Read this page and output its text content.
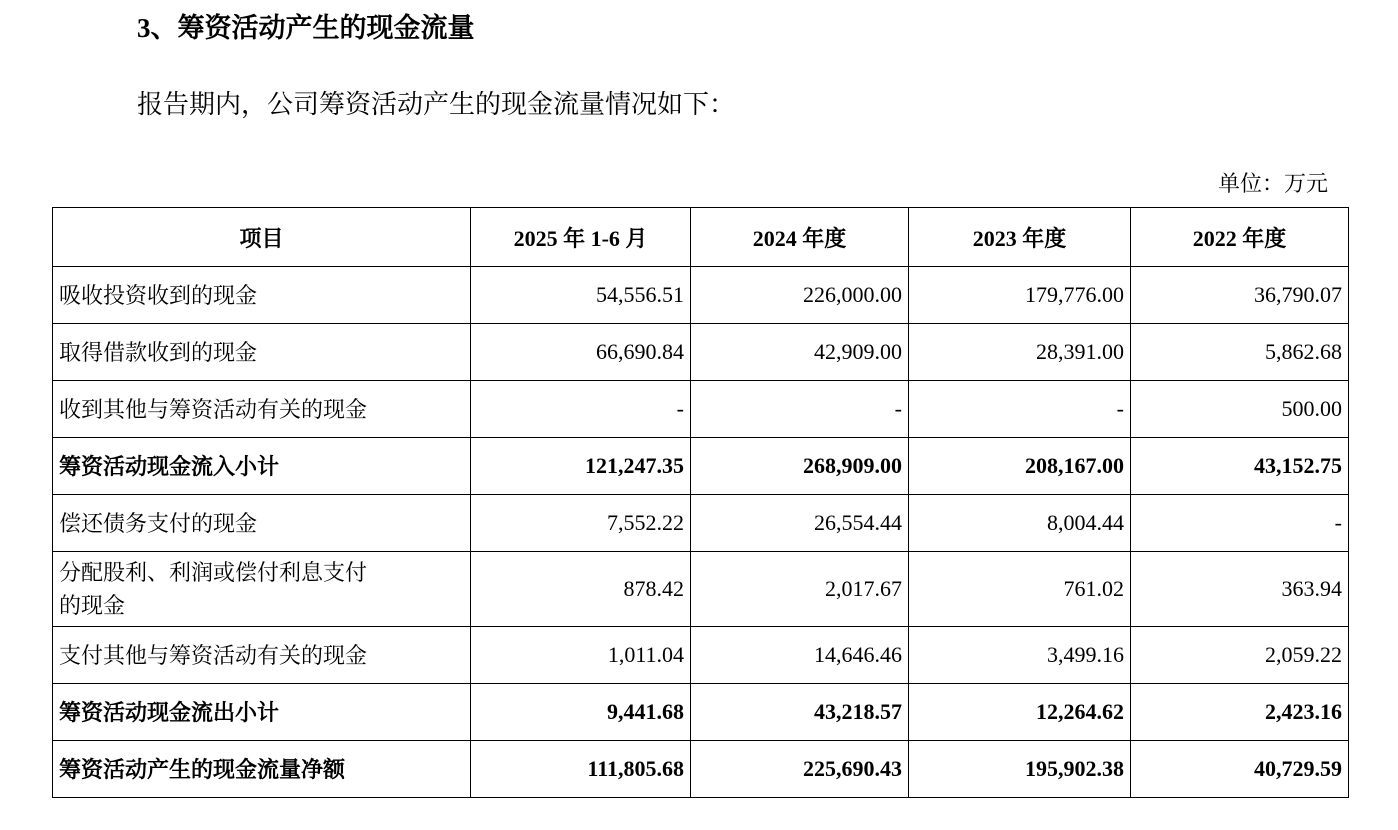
3、筹资活动产生的现金流量

报告期内，公司筹资活动产生的现金流量情况如下：

单位：万元
项目	2025 年 1-6 月	2024 年度	2023 年度	2022 年度
吸收投资收到的现金	54,556.51	226,000.00	179,776.00	36,790.07
取得借款收到的现金	66,690.84	42,909.00	28,391.00	5,862.68
收到其他与筹资活动有关的现金	-	-	-	500.00
筹资活动现金流入小计	121,247.35	268,909.00	208,167.00	43,152.75
偿还债务支付的现金	7,552.22	26,554.44	8,004.44	-
分配股利、利润或偿付利息支付的现金	878.42	2,017.67	761.02	363.94
支付其他与筹资活动有关的现金	1,011.04	14,646.46	3,499.16	2,059.22
筹资活动现金流出小计	9,441.68	43,218.57	12,264.62	2,423.16
筹资活动产生的现金流量净额	111,805.68	225,690.43	195,902.38	40,729.59
